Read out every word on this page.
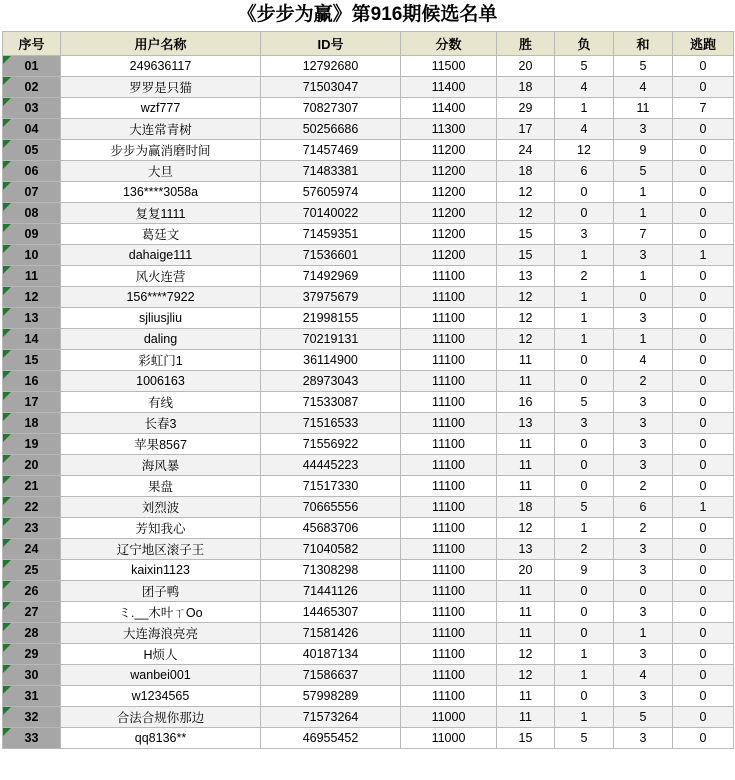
《步步为赢》第916期候选名单
序号	用户名称	ID号	分数	胜	负	和	逃跑
01	249636117	12792680	11500	20	5	5	0
02	罗罗是只猫	71503047	11400	18	4	4	0
03	wzf777	70827307	11400	29	1	11	7
04	大连常青树	50256686	11300	17	4	3	0
05	步步为赢消磨时间	71457469	11200	24	12	9	0
06	大旦	71483381	11200	18	6	5	0
07	136****3058a	57605974	11200	12	0	1	0
08	复复1111	70140022	11200	12	0	1	0
09	葛廷文	71459351	11200	15	3	7	0
10	dahaige111	71536601	11200	15	1	3	1
11	风火连营	71492969	11100	13	2	1	0
12	156****7922	37975679	11100	12	1	0	0
13	sjliusjliu	21998155	11100	12	1	3	0
14	daling	70219131	11100	12	1	1	0
15	彩虹门1	36114900	11100	11	0	4	0
16	1006163	28973043	11100	11	0	2	0
17	有线	71533087	11100	16	5	3	0
18	长春3	71516533	11100	13	3	3	0
19	苹果8567	71556922	11100	11	0	3	0
20	海风暴	44445223	11100	11	0	3	0
21	果盘	71517330	11100	11	0	2	0
22	刘烈波	70665556	11100	18	5	6	1
23	芳知我心	45683706	11100	12	1	2	0
24	辽宁地区滚子王	71040582	11100	13	2	3	0
25	kaixin1123	71308298	11100	20	9	3	0
26	团子鸭	71441126	11100	11	0	0	0
27	ミ.__木叶ㄒOo	14465307	11100	11	0	3	0
28	大连海浪亮亮	71581426	11100	11	0	1	0
29	H烦人	40187134	11100	12	1	3	0
30	wanbei001	71586637	11100	12	1	4	0
31	w1234565	57998289	11100	11	0	3	0
32	合法合规你那边	71573264	11000	11	1	5	0
33	qq8136**	46955452	11000	15	5	3	0
